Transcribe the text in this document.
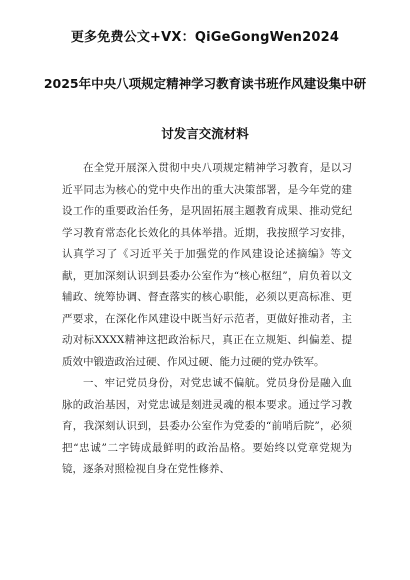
更多免费公文+VX：QiGeGongWen2024
2025年中央八项规定精神学习教育读书班作风建设集中研
讨发言交流材料

在全党开展深入贯彻中央八项规定精神学习教育，是以习近平同志为核心的党中央作出的重大决策部署，是今年党的建设工作的重要政治任务，是巩固拓展主题教育成果、推动党纪学习教育常态化长效化的具体举措。近期，我按照学习安排，认真学习了《习近平关于加强党的作风建设论述摘编》等文献，更加深刻认识到县委办公室作为“核心枢纽”，肩负着以文辅政、统筹协调、督查落实的核心职能，必须以更高标准、更严要求，在深化作风建设中既当好示范者，更做好推动者，主动对标XXXX精神这把政治标尺，真正在立规矩、纠偏差、提质效中锻造政治过硬、作风过硬、能力过硬的党办铁军。

一、牢记党员身份，对党忠诚不偏航。党员身份是融入血脉的政治基因，对党忠诚是刻进灵魂的根本要求。通过学习教育，我深刻认识到，县委办公室作为党委的“前哨后院”，必须把“忠诚”二字铸成最鲜明的政治品格。要始终以党章党规为镜，逐条对照检视自身在党性修养、
